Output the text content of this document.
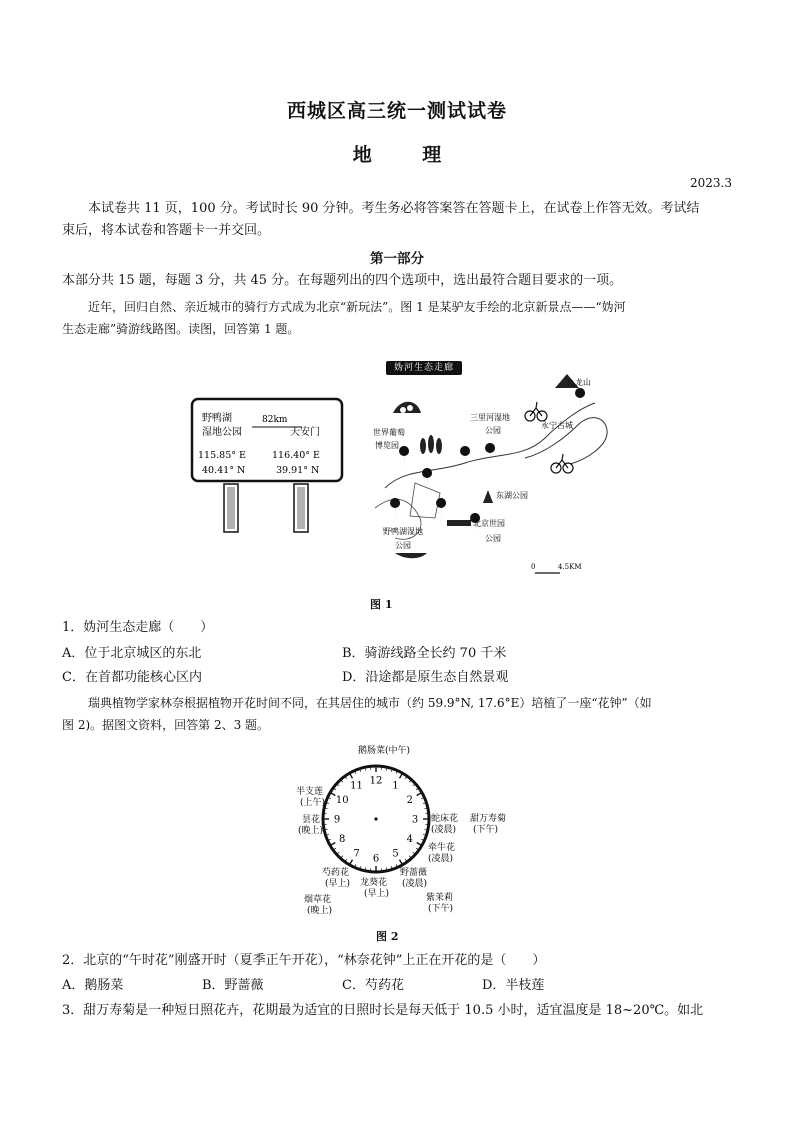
西城区高三统一测试试卷
地 理
2023.3
本试卷共 11 页，100 分。考试时长 90 分钟。考生务必将答案答在答题卡上，在试卷上作答无效。考试结
束后，将本试卷和答题卡一并交回。
第一部分
本部分共 15 题，每题 3 分，共 45 分。在每题列出的四个选项中，选出最符合题目要求的一项。
近年，回归自然、亲近城市的骑行方式成为北京“新玩法”。图 1 是某驴友手绘的北京新景点——“妫河
生态走廊”骑游线路图。读图，回答第 1 题。
野鸭湖
湿地公园
82km
天安门
115.85° E
40.41° N
116.40° E
39.91° N
妫河生态走廊
九龙山
永宁古城
世界葡萄
博览园
三里河湿地
公园
东湖公园
北京世园
公园
野鸭湖湿地
公园
0	4.5KM
图 1
1．妫河生态走廊（　　）
A．位于北京城区的东北	B．骑游线路全长约 70 千米
C．在首都功能核心区内	D．沿途都是原生态自然景观
瑞典植物学家林奈根据植物开花时间不同，在其居住的城市（约 59.9°N, 17.6°E）培植了一座“花钟”（如
图 2)。据图文资料，回答第 2、3 题。
12 1
2
3
4
5
6
7
8
9
10
11
鹅肠菜(中午)
半支莲
(上午)
昙花
(晚上)
蛇床花
(凌晨)
甜万寿菊
(下午)
牵牛花
(凌晨)
芍药花
(早上) 龙葵花
(早上)
野蔷薇
(凌晨)
烟草花
(晚上)
紫茉莉
(下午)
图 2
2．北京的“午时花”刚盛开时（夏季正午开花），“林奈花钟”上正在开花的是（　　）
A．鹅肠菜	B．野蔷薇	C．芍药花	D．半枝莲
3．甜万寿菊是一种短日照花卉，花期最为适宜的日照时长是每天低于 10.5 小时，适宜温度是 18~20℃。如北
